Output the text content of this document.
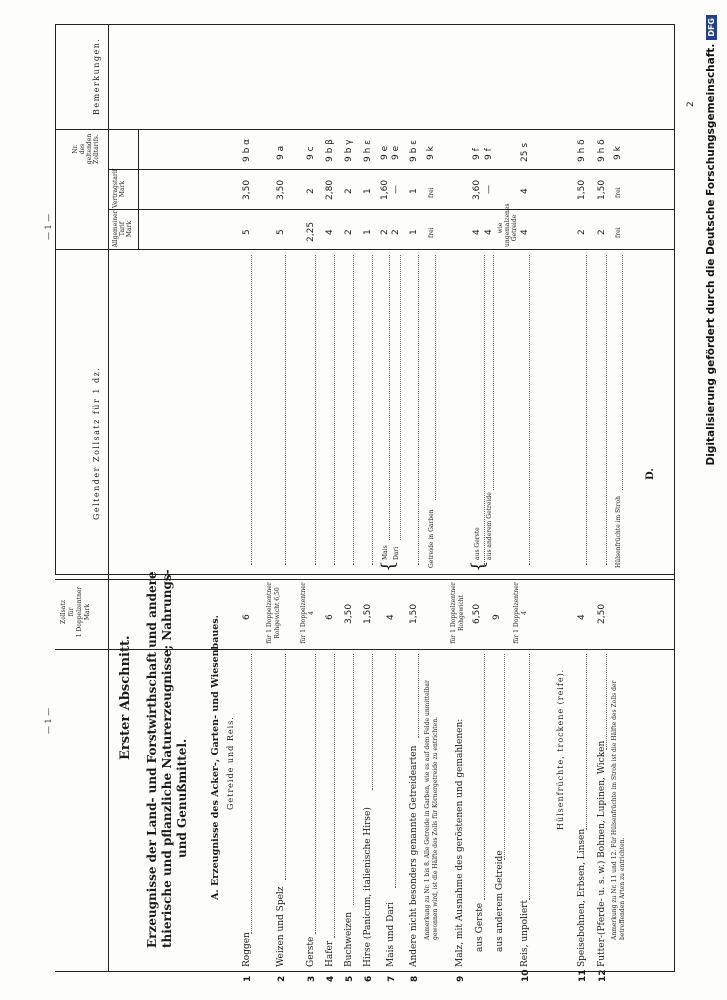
— 1 —
Zollsatz für 1 Doppelzentner Mark
Erster Abschnitt. Erzeugnisse der Land- und Forstwirthschaft und andere thierische und pflanzliche Naturerzeugnisse; Nahrungs- und Genußmittel. A. Erzeugnisse des Acker-, Garten- und Wiesenbaues. Getreide und Reis.
1
Roggen
6
2
Weizen und Spelz
für 1 Doppelzentner Rohgewicht 6,50
3
Gerste
für 1 Doppelzentner 4
4
Hafer
6
5
Buchweizen
3,50
6
Hirse (Panicum, italienische Hirse)
1,50
7
Mais und Dari
4
8
Andere nicht besonders genannte Getreidearten
1,50
Anmerkung zu Nr. 1 bis 8. Alle Getreide in Garben, wie es auf dem Felde unmittelbar gewonnen wird, ist die Hälfte des Zolls für Körnergetreide zu entrichten.
9
Malz, mit Ausnahme des geröstenen und gemahlenen:
für 1 Doppelzentner Rohgewicht
aus Gerste
6,50
aus anderem Getreide
9
10
Reis, unpoliert
für 1 Doppelzentner 4
Hülsenfrüchte, trockene (reife).
11
Speisebohnen, Erbsen, Linsen
4
12
Futter-(Pferde- u. s. w.) Bohnen, Lupinen, Wicken
2,50
Anmerkung zu Nr. 11 und 12. Für Hülsenfrüchte im Stroh ist die Hälfte des Zolls der betreffenden Arten zu entrichten.
— 1 —
Geltender Zollsatz für 1 dz.
Allgemeiner Tarif Mark
Vertragstarif Mark
Nr. des geltenden Zolltarifs.
Bemerkungen.
5
3,50
9 b α
5
3,50
9 a
2,25
2
9 c
4
2,80
9 b β
2
2
9 b γ
1
1
9 h ε
{
Mais
2
1,60
9 e
Dari
2
—
9 e
1
1
9 b ε
Getreide in Garben
frei
frei
9 k
{
aus Gerste
4
3,60
9 f
aus anderem Getreide
4
—
9 f
wie ungemalzenes Getreide 4
4
25 s
2
1,50
9 h δ
2
1,50
9 h δ
Hülsenfrüchte im Stroh
frei
frei
9 k
D.
2 Digitalisierung gefördert durch die Deutsche Forschungsgemeinschaft.
DFG
